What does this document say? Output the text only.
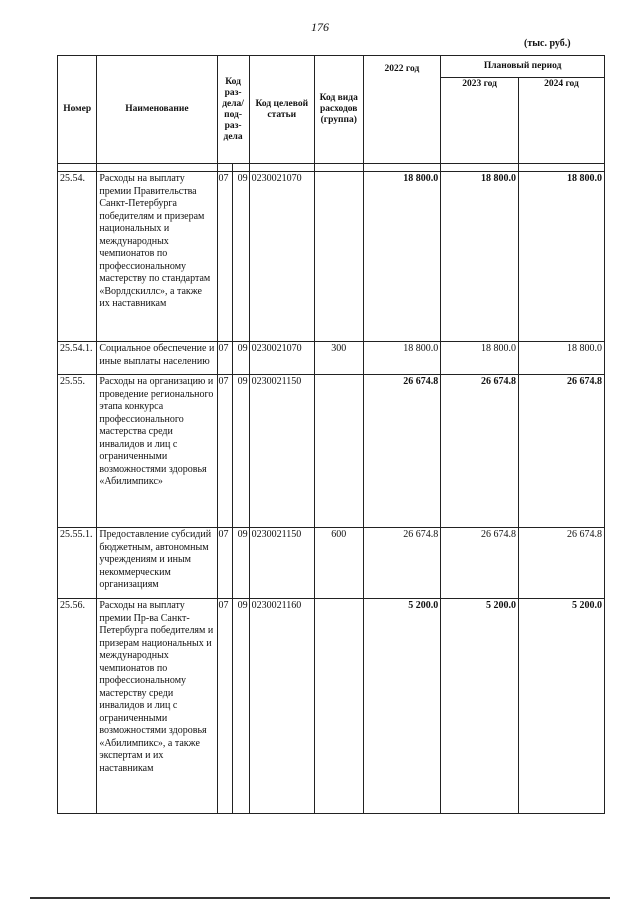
176
(тыс. руб.)
Номер	Наименование	Код раз-дела/ под-раз-дела		Код целевой статьи	Код вида расходов (группа)	2022 год	Плановый период	
							2023 год	2024 год

25.54.	Расходы на выплату премии Правительства Санкт-Петербурга победителям и призерам национальных и международных чемпионатов по профессиональному мастерству по стандартам «Ворлдскиллс», а также их наставникам	07	09	0230021070		18 800.0	18 800.0	18 800.0
25.54.1.	Социальное обеспечение и иные выплаты населению	07	09	0230021070	300	18 800.0	18 800.0	18 800.0
25.55.	Расходы на организацию и проведение регионального этапа конкурса профессионального мастерства среди инвалидов и лиц с ограниченными возможностями здоровья «Абилимпикс»	07	09	0230021150		26 674.8	26 674.8	26 674.8
25.55.1.	Предоставление субсидий бюджетным, автономным учреждениям и иным некоммерческим организациям	07	09	0230021150	600	26 674.8	26 674.8	26 674.8
25.56.	Расходы на выплату премии Пр-ва Санкт-Петербурга победителям и призерам национальных и международных чемпионатов по профессиональному мастерству среди инвалидов и лиц с ограниченными возможностями здоровья «Абилимпикс», а также экспертам и их наставникам	07	09	0230021160		5 200.0	5 200.0	5 200.0
